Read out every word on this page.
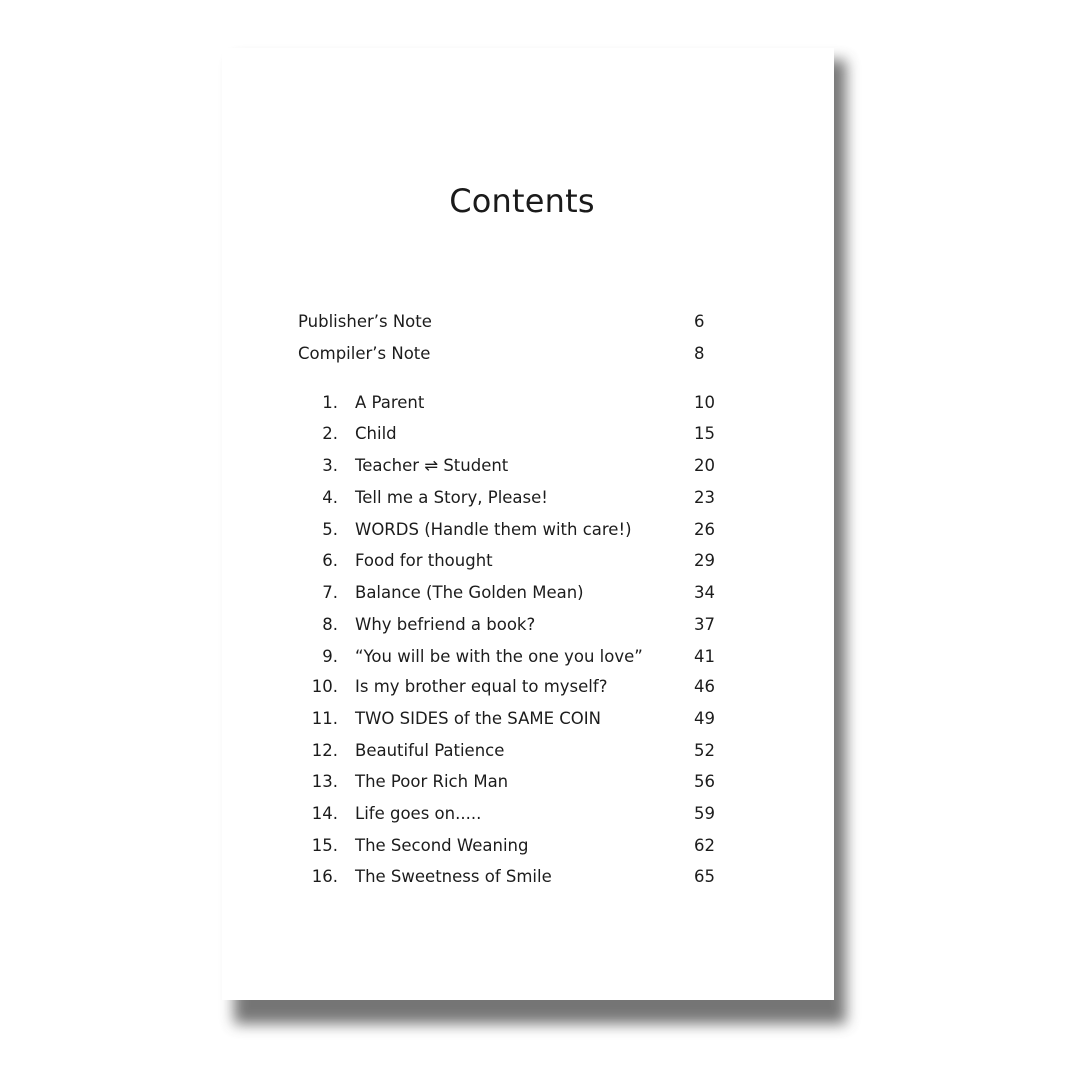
Contents
Publisher’s Note	6
Compiler’s Note	8
1. A Parent	10
2. Child	15
3. Teacher ⇌ Student	20
4. Tell me a Story, Please!	23
5. WORDS (Handle them with care!)	26
6. Food for thought	29
7. Balance (The Golden Mean)	34
8. Why befriend a book?	37
9. “You will be with the one you love”	41
10. Is my brother equal to myself?	46
11. TWO SIDES of the SAME COIN	49
12. Beautiful Patience	52
13. The Poor Rich Man	56
14. Life goes on.....	59
15. The Second Weaning	62
16. The Sweetness of Smile	65
